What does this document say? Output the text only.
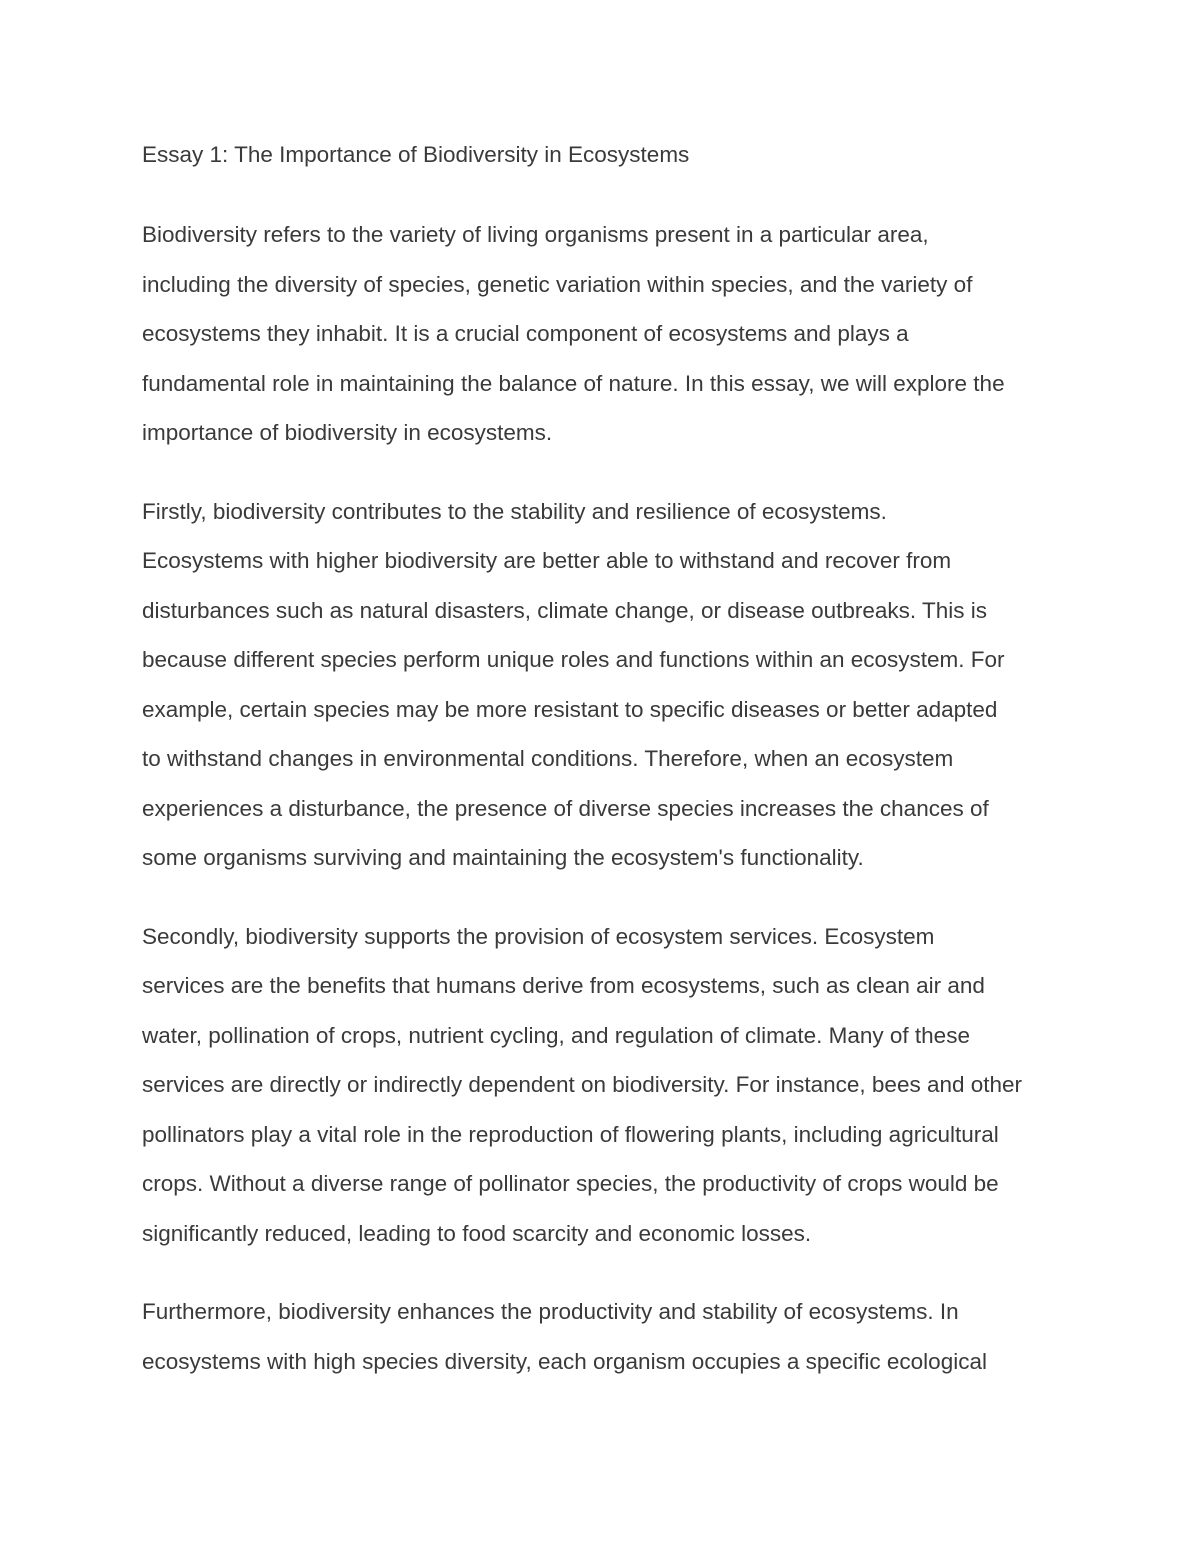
Essay 1: The Importance of Biodiversity in Ecosystems

Biodiversity refers to the variety of living organisms present in a particular area,
including the diversity of species, genetic variation within species, and the variety of
ecosystems they inhabit. It is a crucial component of ecosystems and plays a
fundamental role in maintaining the balance of nature. In this essay, we will explore the
importance of biodiversity in ecosystems.

Firstly, biodiversity contributes to the stability and resilience of ecosystems.
Ecosystems with higher biodiversity are better able to withstand and recover from
disturbances such as natural disasters, climate change, or disease outbreaks. This is
because different species perform unique roles and functions within an ecosystem. For
example, certain species may be more resistant to specific diseases or better adapted
to withstand changes in environmental conditions. Therefore, when an ecosystem
experiences a disturbance, the presence of diverse species increases the chances of
some organisms surviving and maintaining the ecosystem's functionality.

Secondly, biodiversity supports the provision of ecosystem services. Ecosystem
services are the benefits that humans derive from ecosystems, such as clean air and
water, pollination of crops, nutrient cycling, and regulation of climate. Many of these
services are directly or indirectly dependent on biodiversity. For instance, bees and other
pollinators play a vital role in the reproduction of flowering plants, including agricultural
crops. Without a diverse range of pollinator species, the productivity of crops would be
significantly reduced, leading to food scarcity and economic losses.

Furthermore, biodiversity enhances the productivity and stability of ecosystems. In
ecosystems with high species diversity, each organism occupies a specific ecological
